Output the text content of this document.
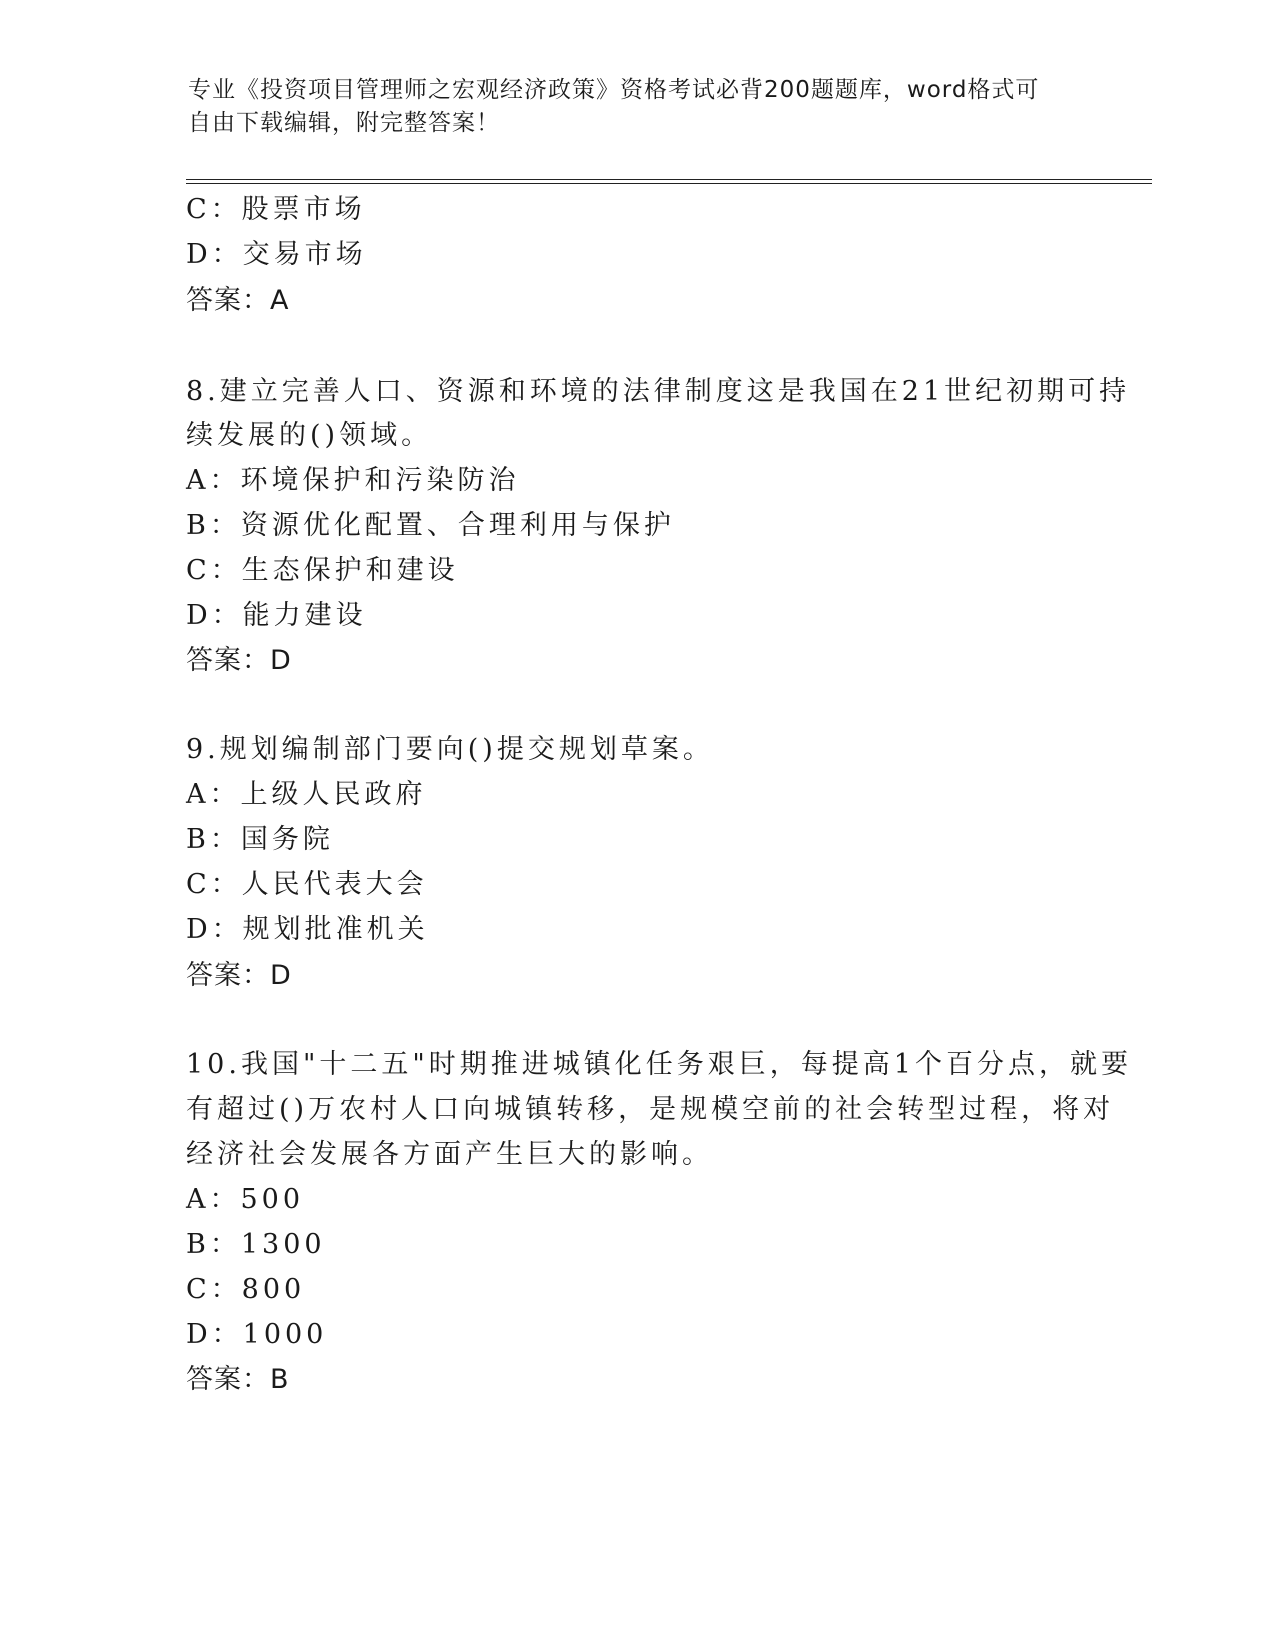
专业《投资项目管理师之宏观经济政策》资格考试必背200题题库，word格式可
自由下载编辑，附完整答案！
C：股票市场
D：交易市场
答案：A
8.建立完善人口、资源和环境的法律制度这是我国在21世纪初期可持
续发展的()领域。
A：环境保护和污染防治
B：资源优化配置、合理利用与保护
C：生态保护和建设
D：能力建设
答案：D
9.规划编制部门要向()提交规划草案。
A：上级人民政府
B：国务院
C：人民代表大会
D：规划批准机关
答案：D
10.我国"十二五"时期推进城镇化任务艰巨，每提高1个百分点，就要
有超过()万农村人口向城镇转移，是规模空前的社会转型过程，将对
经济社会发展各方面产生巨大的影响。
A：500
B：1300
C：800
D：1000
答案：B
